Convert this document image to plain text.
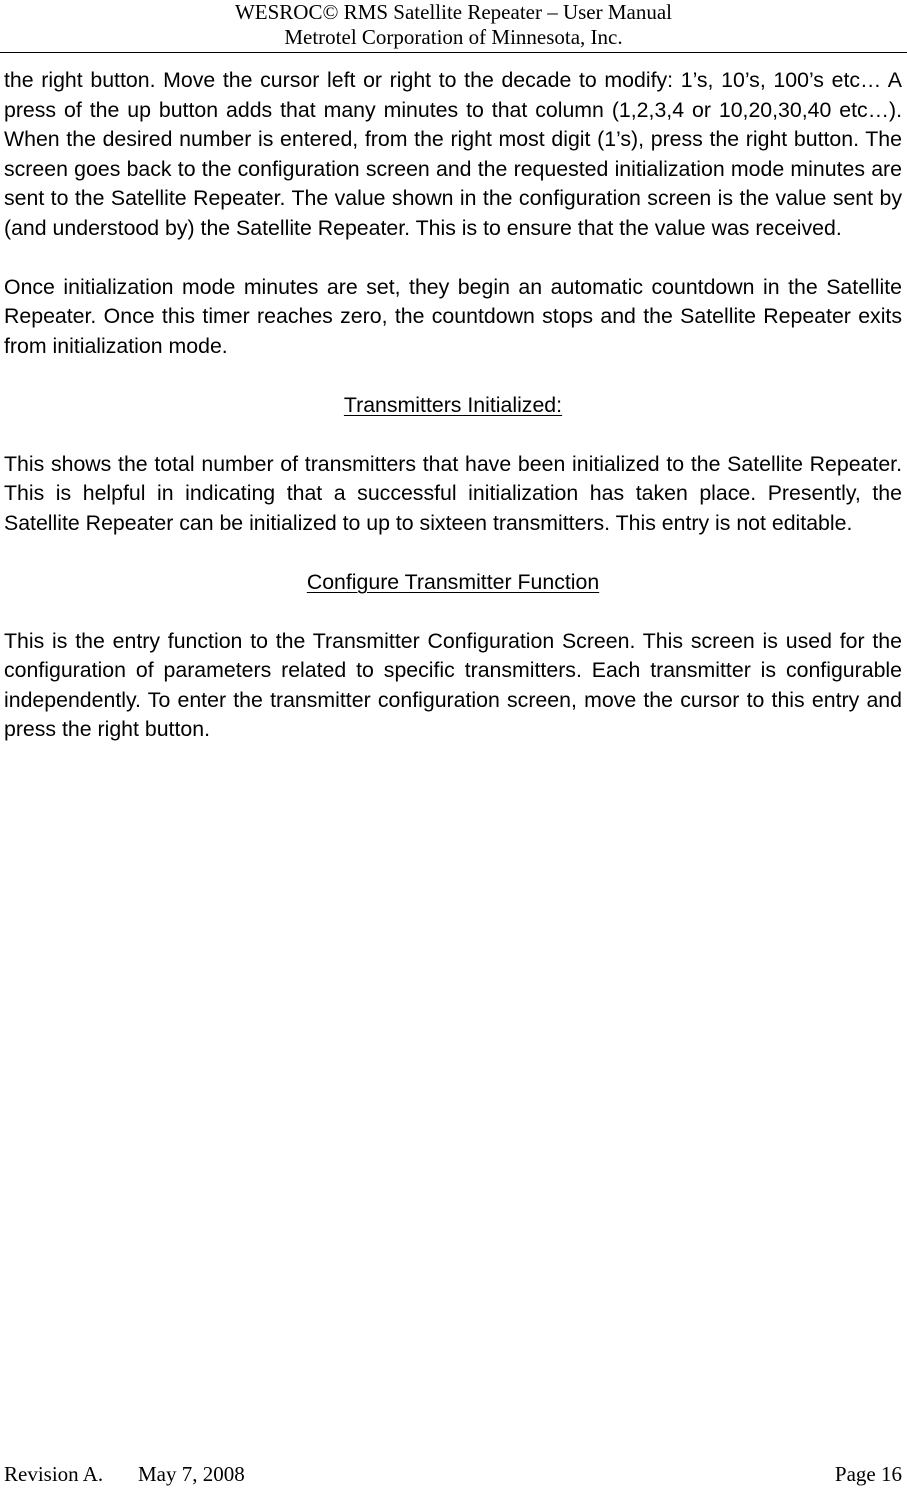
WESROC© RMS Satellite Repeater – User Manual
Metrotel Corporation of Minnesota, Inc.

the right button. Move the cursor left or right to the decade to modify: 1’s, 10’s, 100’s etc… A press of the up button adds that many minutes to that column (1,2,3,4 or 10,20,30,40 etc…). When the desired number is entered, from the right most digit (1’s), press the right button. The screen goes back to the configuration screen and the requested initialization mode minutes are sent to the Satellite Repeater. The value shown in the configuration screen is the value sent by (and understood by) the Satellite Repeater. This is to ensure that the value was received.

Once initialization mode minutes are set, they begin an automatic countdown in the Satellite Repeater. Once this timer reaches zero, the countdown stops and the Satellite Repeater exits from initialization mode.

Transmitters Initialized:

This shows the total number of transmitters that have been initialized to the Satellite Repeater. This is helpful in indicating that a successful initialization has taken place. Presently, the Satellite Repeater can be initialized to up to sixteen transmitters. This entry is not editable.

Configure Transmitter Function

This is the entry function to the Transmitter Configuration Screen. This screen is used for the configuration of parameters related to specific transmitters. Each transmitter is configurable independently. To enter the transmitter configuration screen, move the cursor to this entry and press the right button.

Revision A. May 7, 2008	Page 16
